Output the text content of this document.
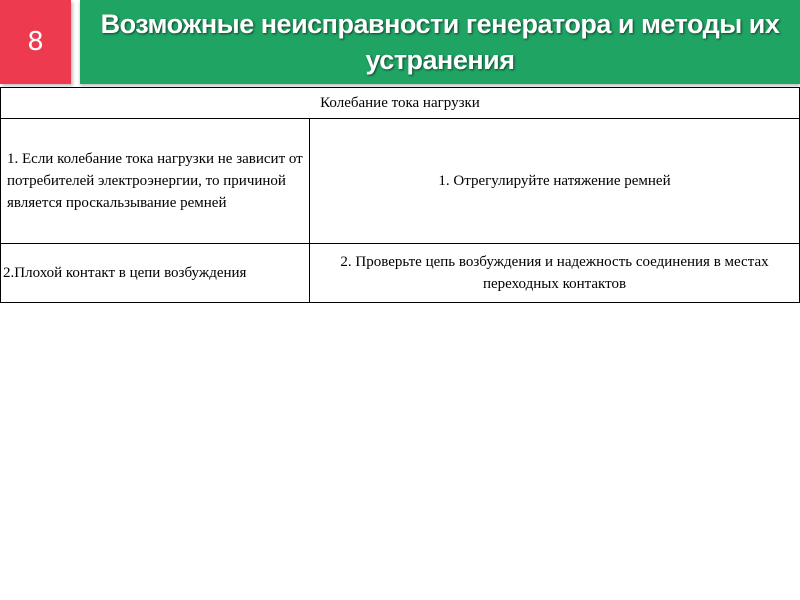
8
Возможные неисправности генератора и методы их устранения
Колебание тока нагрузки	
1. Если колебание тока нагрузки не зависит от потребителей электроэнергии, то причиной является проскальзывание ремней	1. Отрегулируйте натяжение ремней
2.Плохой контакт в цепи возбуждения	2. Проверьте цепь возбуждения и надежность соединения в местах переходных контактов
